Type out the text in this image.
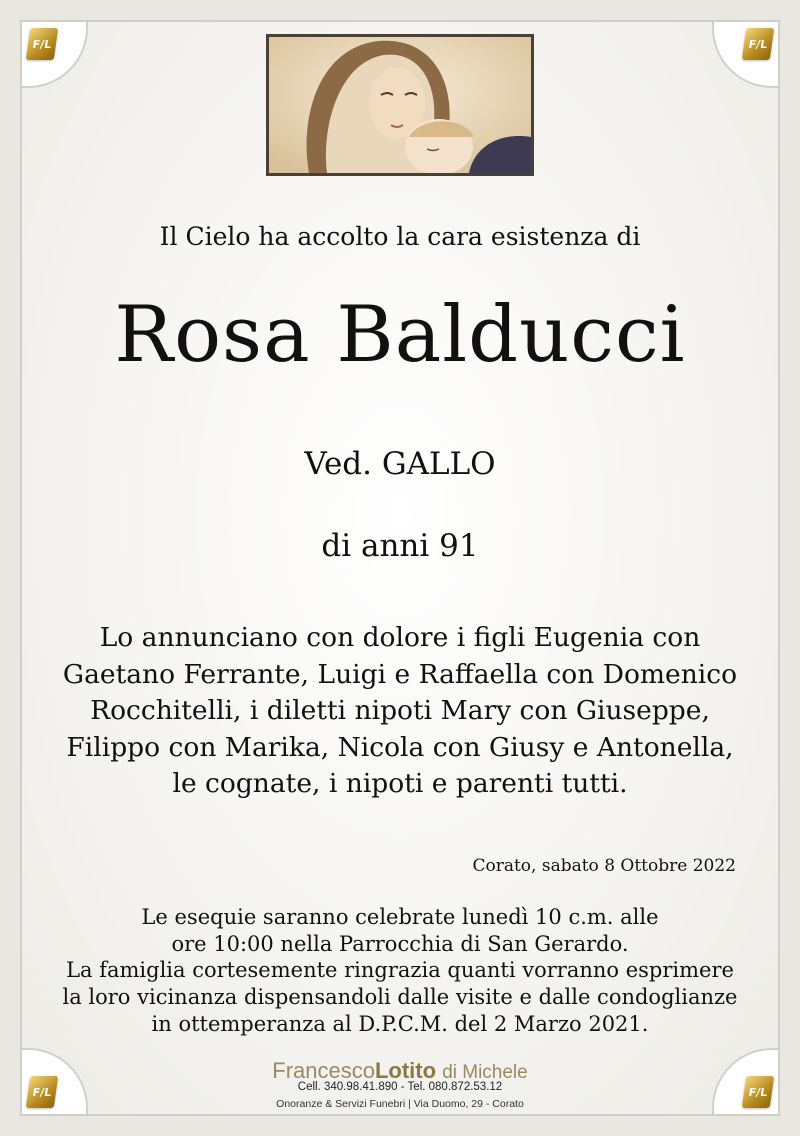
F/L	F/L
F/L	F/L
Il Cielo ha accolto la cara esistenza di
Rosa Balducci
Ved. GALLO
di anni 91
Lo annunciano con dolore i figli Eugenia con
Gaetano Ferrante, Luigi e Raffaella con Domenico
Rocchitelli, i diletti nipoti Mary con Giuseppe,
Filippo con Marika, Nicola con Giusy e Antonella,
le cognate, i nipoti e parenti tutti.
Corato, sabato 8 Ottobre 2022
Le esequie saranno celebrate lunedì 10 c.m. alle
ore 10:00 nella Parrocchia di San Gerardo.
La famiglia cortesemente ringrazia quanti vorranno esprimere
la loro vicinanza dispensandoli dalle visite e dalle condoglianze
in ottemperanza al D.P.C.M. del 2 Marzo 2021.
FrancescoLotito di Michele
Cell. 340.98.41.890 - Tel. 080.872.53.12
Onoranze & Servizi Funebri | Via Duomo, 29 - Corato
